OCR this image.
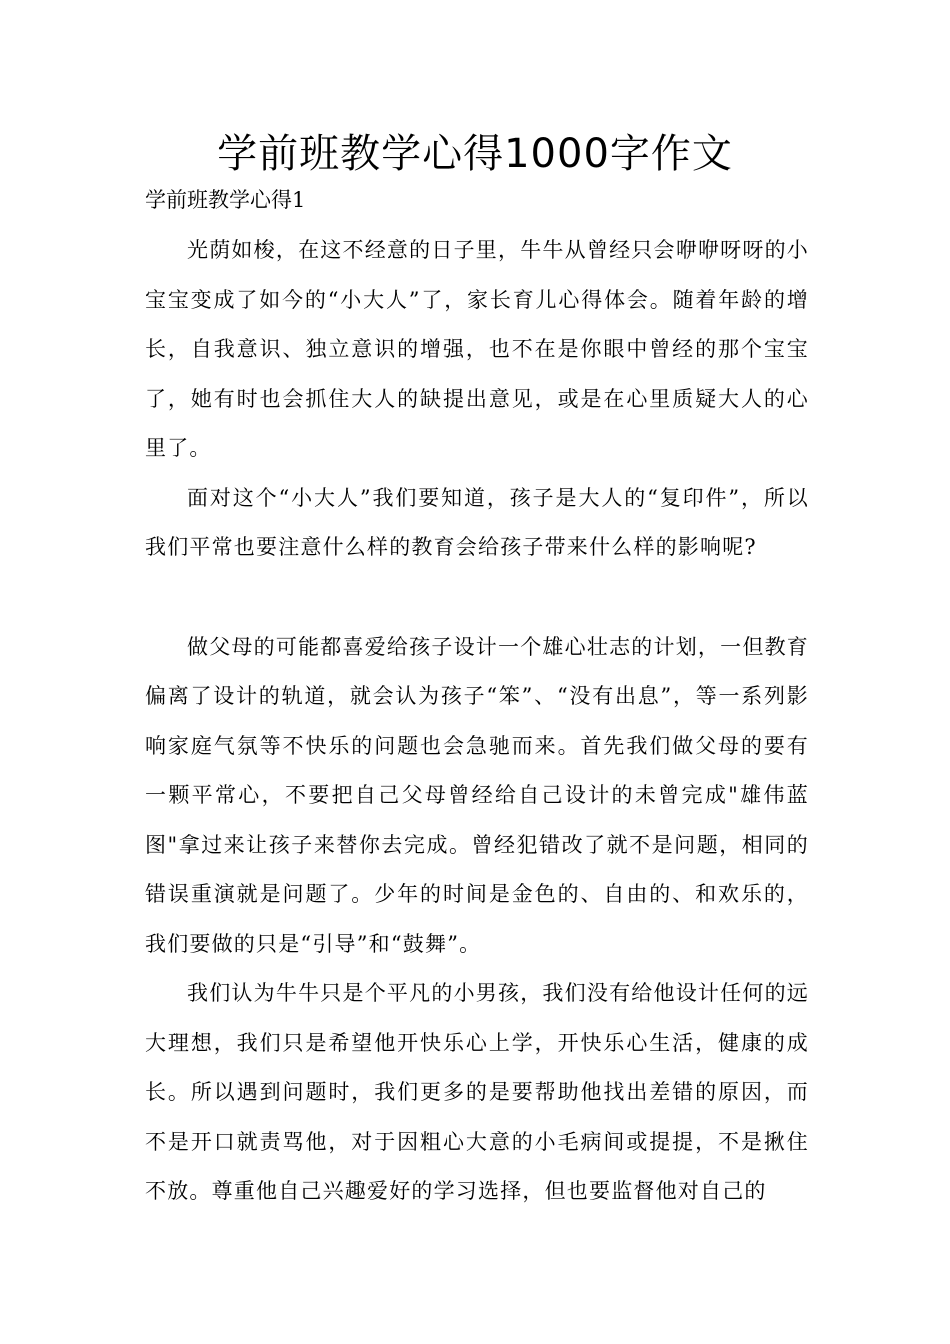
学前班教学心得1000字作文

学前班教学心得1

光荫如梭，在这不经意的日子里，牛牛从曾经只会咿咿呀呀的小宝宝变成了如今的“小大人”了，家长育儿心得体会。随着年龄的增长，自我意识、独立意识的增强，也不在是你眼中曾经的那个宝宝了，她有时也会抓住大人的缺提出意见，或是在心里质疑大人的心里了。

面对这个“小大人”我们要知道，孩子是大人的“复印件”，所以我们平常也要注意什么样的教育会给孩子带来什么样的影响呢?

做父母的可能都喜爱给孩子设计一个雄心壮志的计划，一但教育偏离了设计的轨道，就会认为孩子“笨”、“没有出息”，等一系列影响家庭气氛等不快乐的问题也会急驰而来。首先我们做父母的要有一颗平常心，不要把自己父母曾经给自己设计的未曾完成"雄伟蓝图"拿过来让孩子来替你去完成。曾经犯错改了就不是问题，相同的错误重演就是问题了。少年的时间是金色的、自由的、和欢乐的，我们要做的只是“引导”和“鼓舞”。

我们认为牛牛只是个平凡的小男孩，我们没有给他设计任何的远大理想，我们只是希望他开快乐心上学，开快乐心生活，健康的成长。所以遇到问题时，我们更多的是要帮助他找出差错的原因，而不是开口就责骂他，对于因粗心大意的小毛病间或提提，不是揪住不放。尊重他自己兴趣爱好的学习选择，但也要监督他对自己的
